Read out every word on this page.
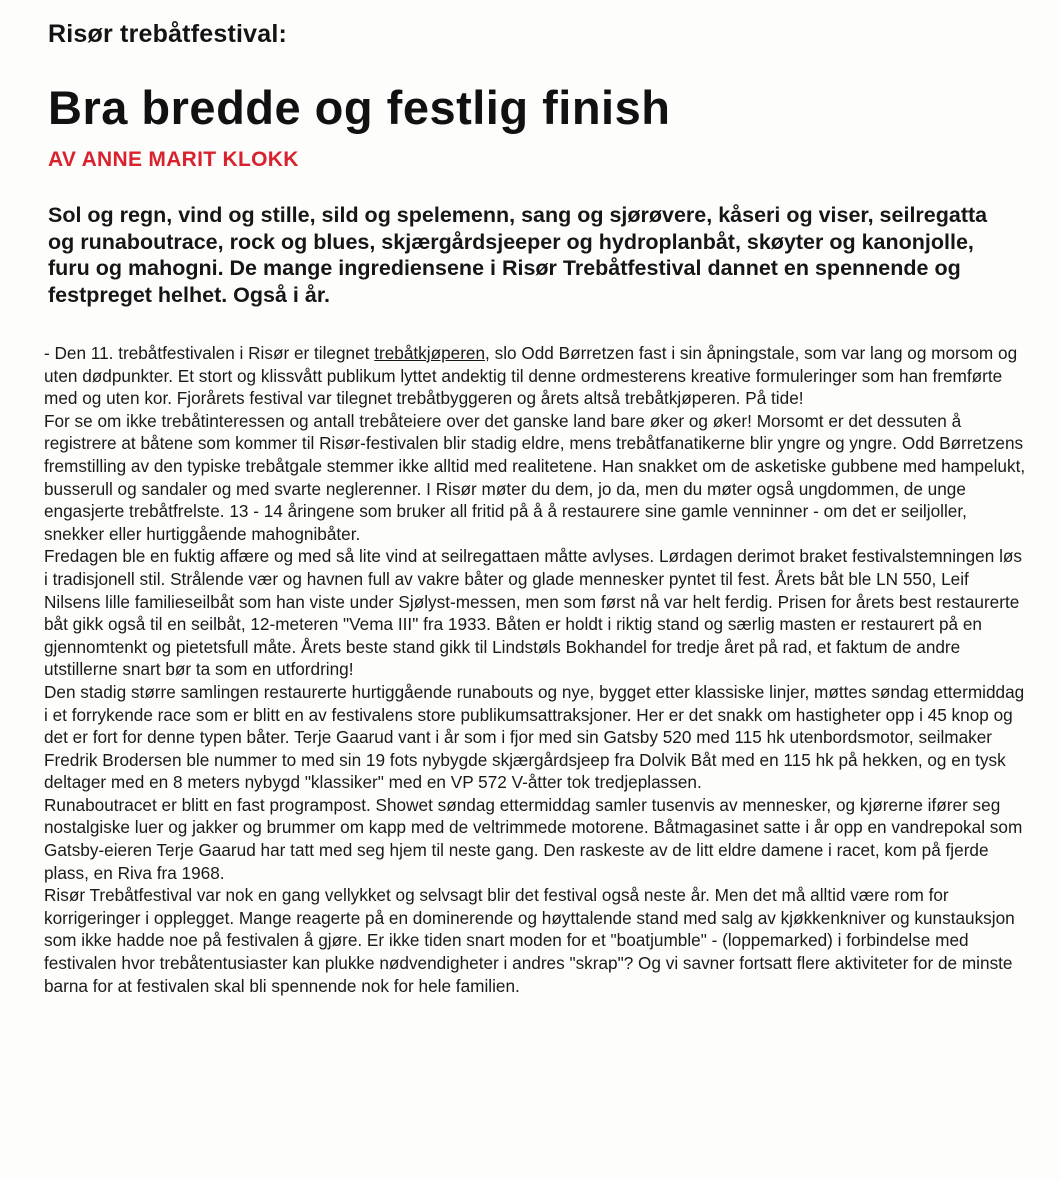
Risør trebåtfestival:
Bra bredde og festlig finish
AV ANNE MARIT KLOKK

Sol og regn, vind og stille, sild og spelemenn, sang og sjørøvere, kåseri og viser, seilregatta og runaboutrace, rock og blues, skjærgårdsjeeper og hydroplanbåt, skøyter og kanonjolle, furu og mahogni. De mange ingrediensene i Risør Trebåtfestival dannet en spennende og festpreget helhet. Også i år.

- Den 11. trebåtfestivalen i Risør er tilegnet trebåtkjøperen, slo Odd Børretzen fast i sin åpningstale, som var lang og morsom og uten dødpunkter. Et stort og klissvått publikum lyttet andektig til denne ordmesterens kreative formuleringer som han fremførte med og uten kor. Fjorårets festival var tilegnet trebåtbyggeren og årets altså trebåtkjøperen. På tide!

For se om ikke trebåtinteressen og antall trebåteiere over det ganske land bare øker og øker! Morsomt er det dessuten å registrere at båtene som kommer til Risør-festivalen blir stadig eldre, mens trebåtfanatikerne blir yngre og yngre. Odd Børretzens fremstilling av den typiske trebåtgale stemmer ikke alltid med realitetene. Han snakket om de asketiske gubbene med hampelukt, busserull og sandaler og med svarte neglerenner. I Risør møter du dem, jo da, men du møter også ungdommen, de unge engasjerte trebåtfrelste. 13 - 14 åringene som bruker all fritid på å å restaurere sine gamle venninner - om det er seiljoller, snekker eller hurtiggående mahognibåter.

Fredagen ble en fuktig affære og med så lite vind at seilregattaen måtte avlyses. Lørdagen derimot braket festivalstemningen løs i tradisjonell stil. Strålende vær og havnen full av vakre båter og glade mennesker pyntet til fest. Årets båt ble LN 550, Leif Nilsens lille familieseilbåt som han viste under Sjølyst-messen, men som først nå var helt ferdig. Prisen for årets best restaurerte båt gikk også til en seilbåt, 12-meteren "Vema III" fra 1933. Båten er holdt i riktig stand og særlig masten er restaurert på en gjennomtenkt og pietetsfull måte. Årets beste stand gikk til Lindstøls Bokhandel for tredje året på rad, et faktum de andre utstillerne snart bør ta som en utfordring!

Den stadig større samlingen restaurerte hurtiggående runabouts og nye, bygget etter klassiske linjer, møttes søndag ettermiddag i et forrykende race som er blitt en av festivalens store publikumsattraksjoner. Her er det snakk om hastigheter opp i 45 knop og det er fort for denne typen båter. Terje Gaarud vant i år som i fjor med sin Gatsby 520 med 115 hk utenbordsmotor, seilmaker Fredrik Brodersen ble nummer to med sin 19 fots nybygde skjærgårdsjeep fra Dolvik Båt med en 115 hk på hekken, og en tysk deltager med en 8 meters nybygd "klassiker" med en VP 572 V-åtter tok tredjeplassen.

Runaboutracet er blitt en fast programpost. Showet søndag ettermiddag samler tusenvis av mennesker, og kjørerne ifører seg nostalgiske luer og jakker og brummer om kapp med de veltrimmede motorene. Båtmagasinet satte i år opp en vandrepokal som Gatsby-eieren Terje Gaarud har tatt med seg hjem til neste gang. Den raskeste av de litt eldre damene i racet, kom på fjerde plass, en Riva fra 1968.

Risør Trebåtfestival var nok en gang vellykket og selvsagt blir det festival også neste år. Men det må alltid være rom for korrigeringer i opplegget. Mange reagerte på en dominerende og høyttalende stand med salg av kjøkkenkniver og kunstauksjon som ikke hadde noe på festivalen å gjøre. Er ikke tiden snart moden for et "boatjumble" - (loppemarked) i forbindelse med festivalen hvor trebåtentusiaster kan plukke nødvendigheter i andres "skrap"? Og vi savner fortsatt flere aktiviteter for de minste barna for at festivalen skal bli spennende nok for hele familien.
